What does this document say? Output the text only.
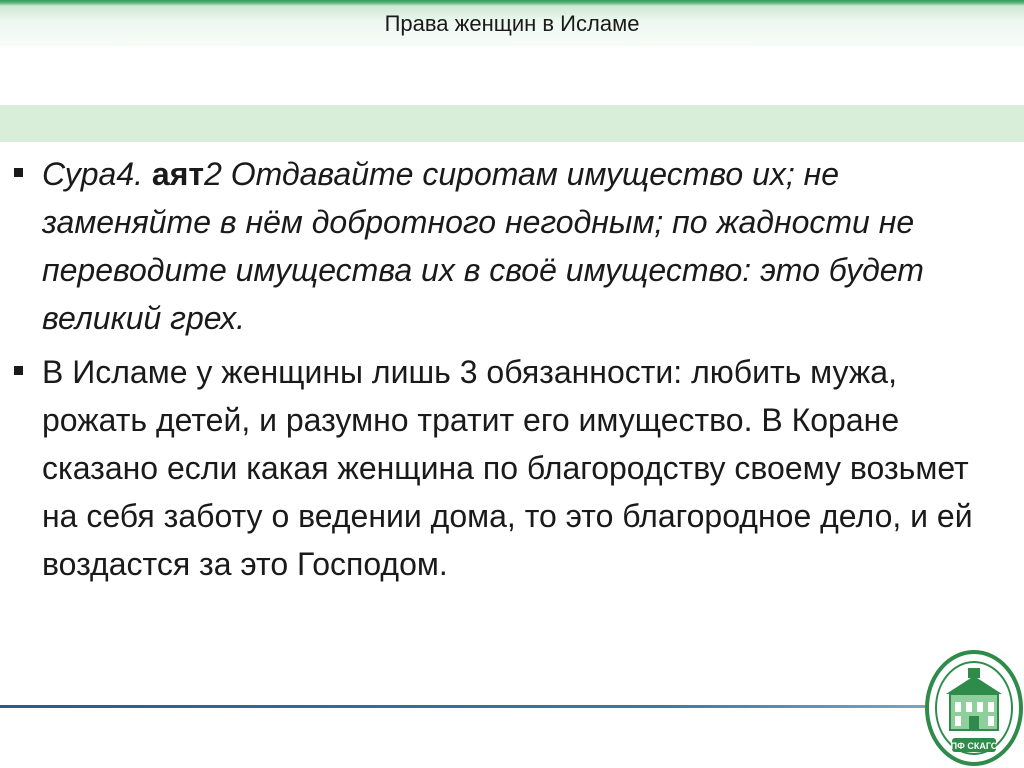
Права женщин в Исламе
Сура4. аят2 Отдавайте сиротам имущество их; не заменяйте в нём добротного негодным; по жадности не переводите имущества их в своё имущество: это будет великий грех.
В Исламе у женщины лишь 3 обязанности: любить мужа, рожать детей, и разумно тратит его имущество. В Коране сказано если какая женщина по благородству своему возьмет на себя заботу о ведении дома, то это благородное дело, и ей воздастся за это Господом.
ПФ СКАГС
